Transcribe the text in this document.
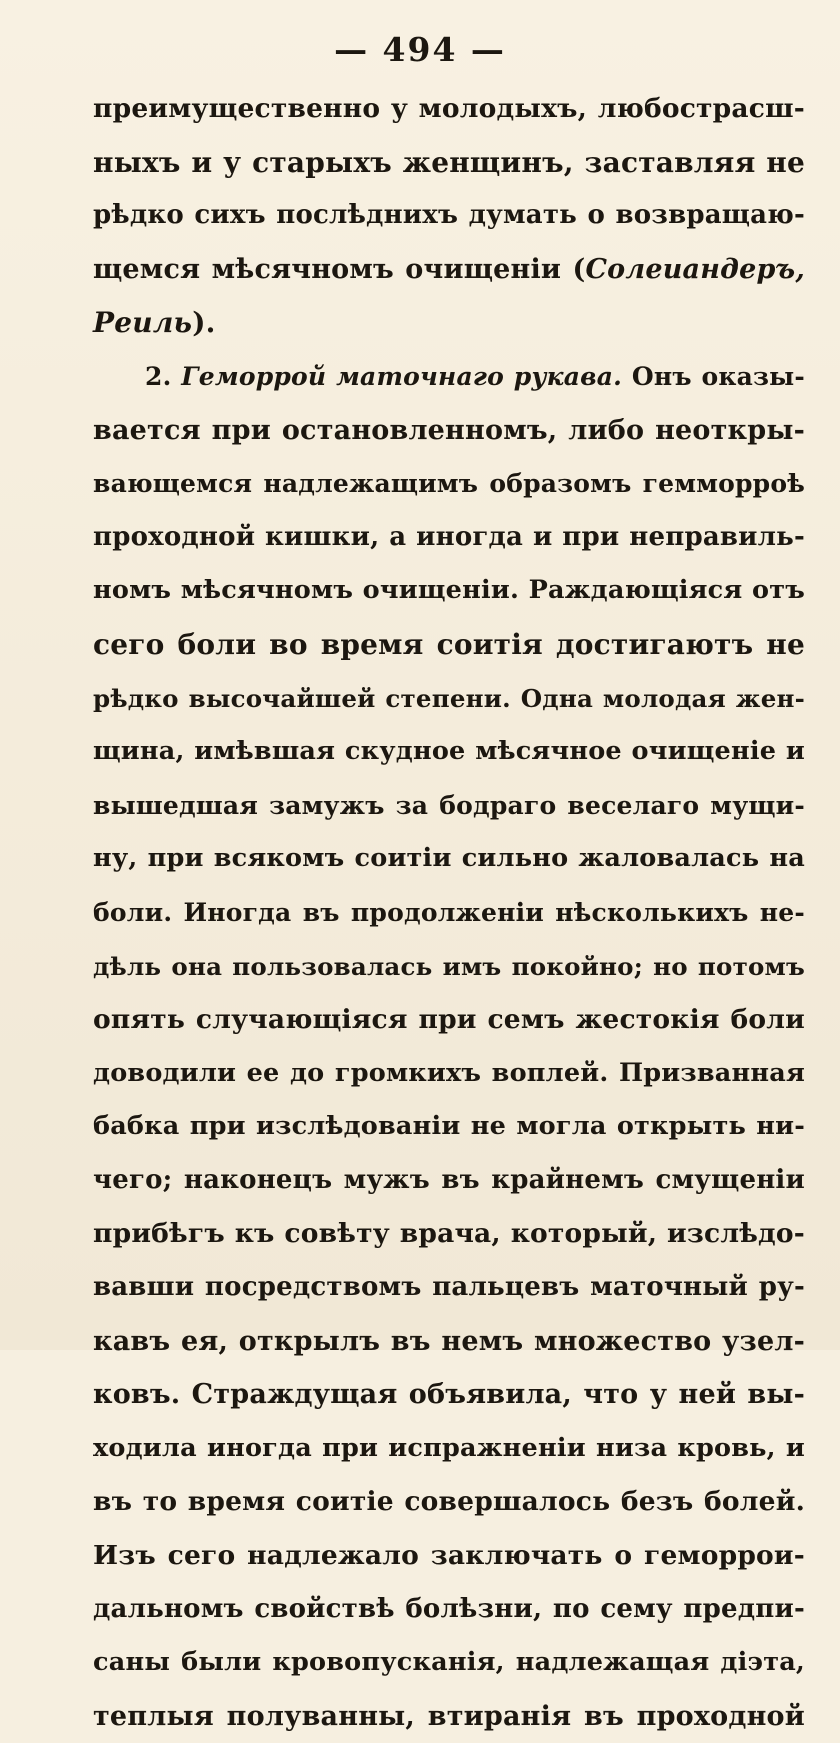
— 494 —
преимущественно у молодыхъ, любострасш-
ныхъ и у старыхъ женщинъ, заставляя не
рѣдко сихъ послѣднихъ думать о возвращаю-
щемся мѣсячномъ очищеніи (Солеиандеръ,
Реиль).
2. Геморрой маточнаго рукава. Онъ оказы-
вается при остановленномъ, либо неоткры-
вающемся надлежащимъ образомъ гемморроѣ
проходной кишки, а иногда и при неправиль-
номъ мѣсячномъ очищеніи. Раждающіяся отъ
сего боли во время соитія достигаютъ не
рѣдко высочайшей степени. Одна молодая жен-
щина, имѣвшая скудное мѣсячное очищеніе и
вышедшая замужъ за бодраго веселаго мущи-
ну, при всякомъ соитіи сильно жаловалась на
боли. Иногда въ продолженіи нѣсколькихъ не-
дѣль она пользовалась имъ покойно; но потомъ
опять случающіяся при семъ жестокія боли
доводили ее до громкихъ воплей. Призванная
бабка при изслѣдованіи не могла открыть ни-
чего; наконецъ мужъ въ крайнемъ смущеніи
прибѣгъ къ совѣту врача, который, изслѣдо-
вавши посредствомъ пальцевъ маточный ру-
кавъ ея, открылъ въ немъ множество узел-
ковъ. Страждущая объявила, что у ней вы-
ходила иногда при испражненіи низа кровь, и
въ то время соитіе совершалось безъ болей.
Изъ сего надлежало заключать о геморрои-
дальномъ свойствѣ болѣзни, по сему предпи-
саны были кровопусканія, надлежащая діэта,
теплыя полуванны, втиранія въ проходной
